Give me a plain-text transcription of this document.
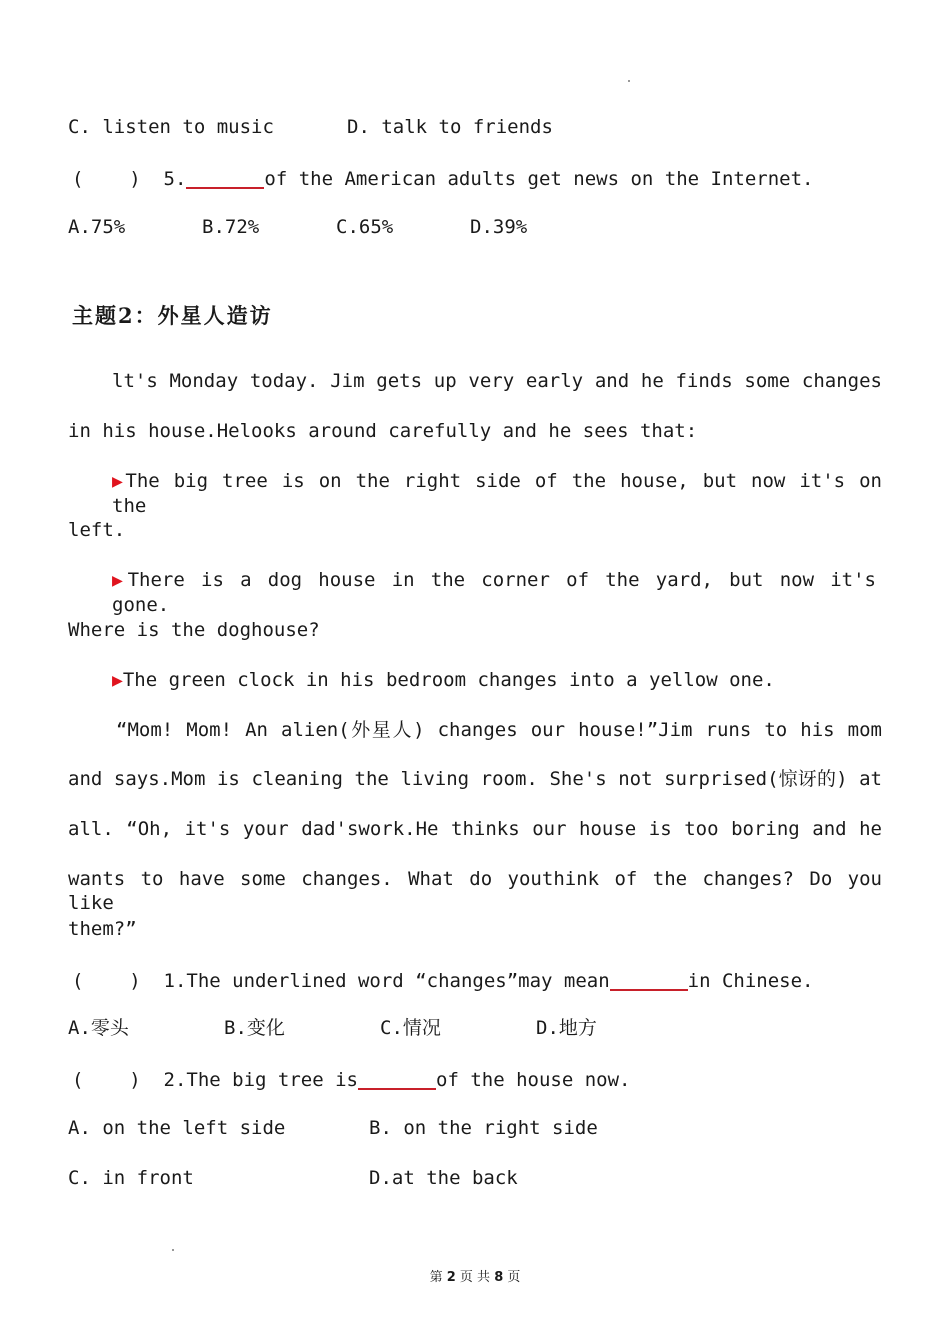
C. listen to music	D. talk to friends
(    ) 5.	of the American adults get news on the Internet.
A.75%	B.72%	C.65%	D.39%
主题2：外星人造访
lt's Monday today. Jim gets up very early and he finds some changes
in his house.Helooks around carefully and he sees that:
▶The big tree is on the right side of the house, but now it's on the
left.
▶There is a dog house in the corner of the yard, but now it's gone.
Where is the doghouse?
▶The green clock in his bedroom changes into a yellow one.
“Mom! Mom! An alien(外星人) changes our house!”Jim runs to his mom
and says.Mom is cleaning the living room. She's not surprised(惊讶的) at
all. “Oh, it's your dad'swork.He thinks our house is too boring and he
wants to have some changes. What do youthink of the changes? Do you like
them?”
(    ) 1.The underlined word “changes”may mean	in Chinese.
A.零头	B.变化	C.情况	D.地方
(    ) 2.The big tree is	of the house now.
A. on the left side	B. on the right side
C. in front	D.at the back
第 2 页 共 8 页
